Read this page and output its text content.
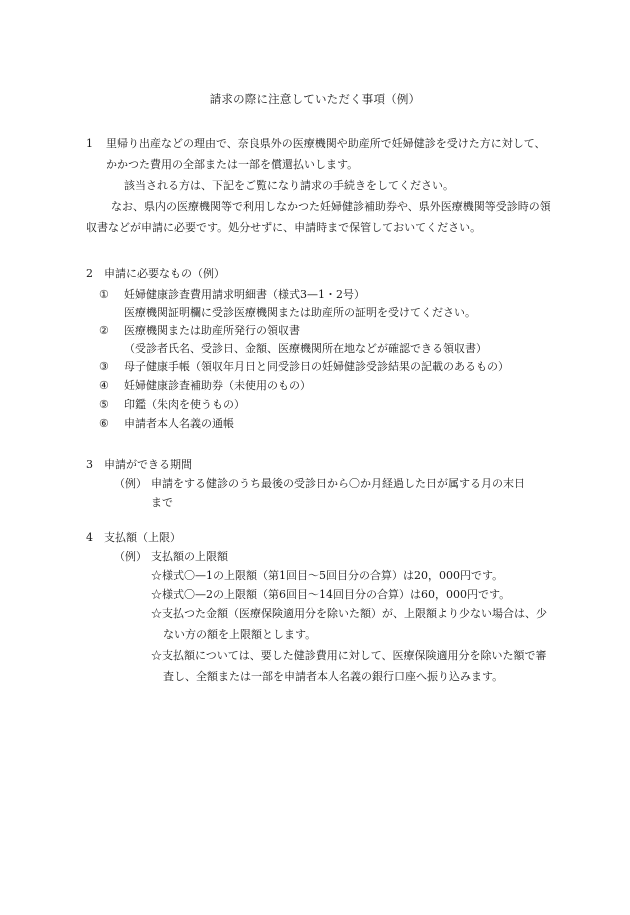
請求の際に注意していただく事項（例）
1	里帰り出産などの理由で、奈良県外の医療機関や助産所で妊婦健診を受けた方に対して、かかつた費用の全部または一部を償還払いします。

該当される方は、下記をご覧になり請求の手続きをしてください。

なお、県内の医療機関等で利用しなかつた妊婦健診補助券や、県外医療機関等受診時の領収書などが申請に必要です。処分せずに、申請時まで保管しておいてください。

2　申請に必要なもの（例）
① 妊婦健康診査費用請求明細書（様式3—1・2号）
医療機関証明欄に受診医療機関または助産所の証明を受けてください。
② 医療機関または助産所発行の領収書
（受診者氏名、受診日、金額、医療機関所在地などが確認できる領収書）
③ 母子健康手帳（領収年月日と同受診日の妊婦健診受診結果の記載のあるもの）
④ 妊婦健康診査補助券（未使用のもの）
⑤ 印鑑（朱肉を使うもの）
⑥ 申請者本人名義の通帳
3　申請ができる期間
（例） 申請をする健診のうち最後の受診日から〇か月経過した日が属する月の末日
まで
4　支払額（上限）
（例） 支払額の上限額
☆様式〇—1の上限額（第1回目〜5回目分の合算）は20，000円です。
☆様式〇—2の上限額（第6回目〜14回目分の合算）は60，000円です。

☆支払つた金額（医療保険適用分を除いた額）が、上限額より少ない場合は、少ない方の額を上限額とします。

☆支払額については、要した健診費用に対して、医療保険適用分を除いた額で審査し、全額または一部を申請者本人名義の銀行口座へ振り込みます。
